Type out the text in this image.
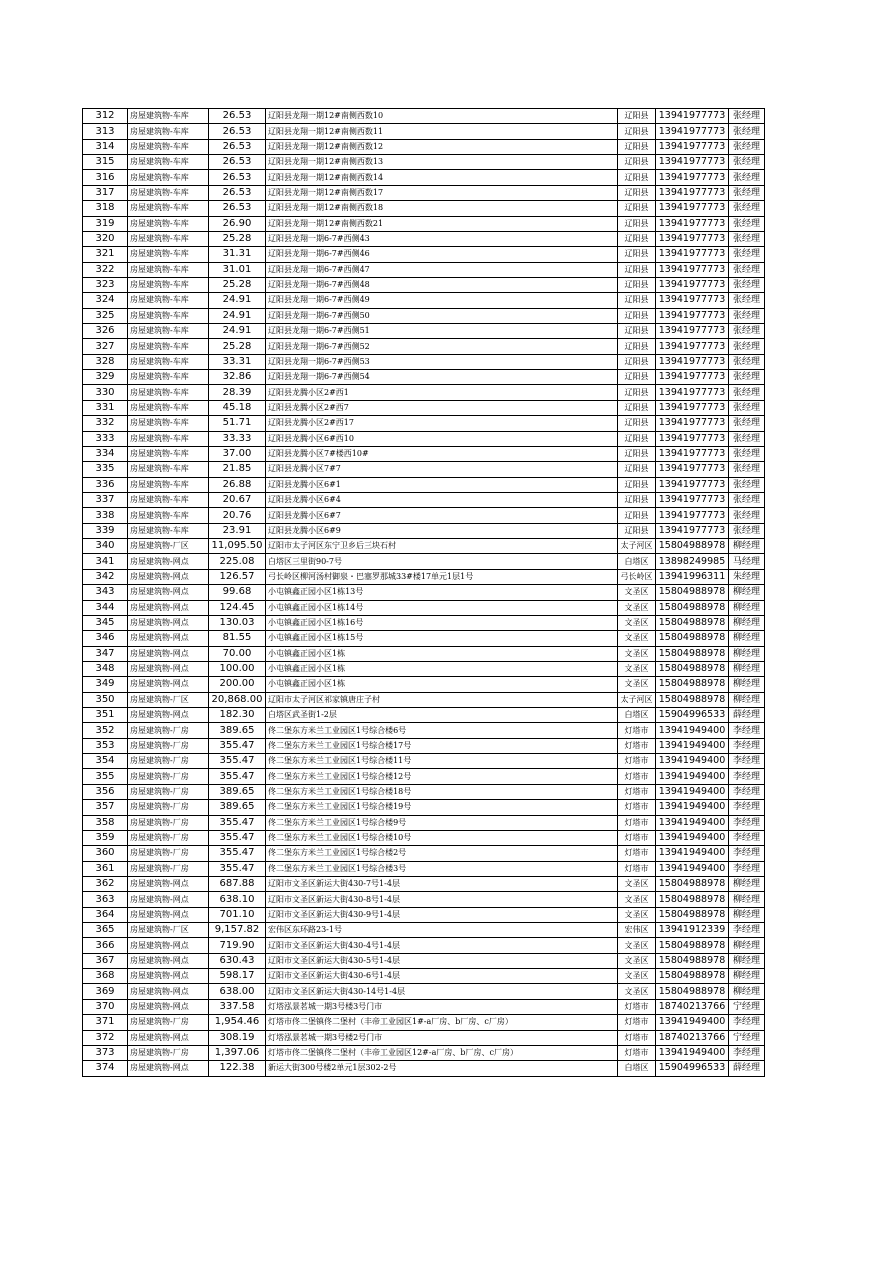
312	房屋建筑物-车库	26.53	辽阳县龙翔一期12#南侧西数10	辽阳县	13941977773	张经理
313	房屋建筑物-车库	26.53	辽阳县龙翔一期12#南侧西数11	辽阳县	13941977773	张经理
314	房屋建筑物-车库	26.53	辽阳县龙翔一期12#南侧西数12	辽阳县	13941977773	张经理
315	房屋建筑物-车库	26.53	辽阳县龙翔一期12#南侧西数13	辽阳县	13941977773	张经理
316	房屋建筑物-车库	26.53	辽阳县龙翔一期12#南侧西数14	辽阳县	13941977773	张经理
317	房屋建筑物-车库	26.53	辽阳县龙翔一期12#南侧西数17	辽阳县	13941977773	张经理
318	房屋建筑物-车库	26.53	辽阳县龙翔一期12#南侧西数18	辽阳县	13941977773	张经理
319	房屋建筑物-车库	26.90	辽阳县龙翔一期12#南侧西数21	辽阳县	13941977773	张经理
320	房屋建筑物-车库	25.28	辽阳县龙翔一期6-7#西侧43	辽阳县	13941977773	张经理
321	房屋建筑物-车库	31.31	辽阳县龙翔一期6-7#西侧46	辽阳县	13941977773	张经理
322	房屋建筑物-车库	31.01	辽阳县龙翔一期6-7#西侧47	辽阳县	13941977773	张经理
323	房屋建筑物-车库	25.28	辽阳县龙翔一期6-7#西侧48	辽阳县	13941977773	张经理
324	房屋建筑物-车库	24.91	辽阳县龙翔一期6-7#西侧49	辽阳县	13941977773	张经理
325	房屋建筑物-车库	24.91	辽阳县龙翔一期6-7#西侧50	辽阳县	13941977773	张经理
326	房屋建筑物-车库	24.91	辽阳县龙翔一期6-7#西侧51	辽阳县	13941977773	张经理
327	房屋建筑物-车库	25.28	辽阳县龙翔一期6-7#西侧52	辽阳县	13941977773	张经理
328	房屋建筑物-车库	33.31	辽阳县龙翔一期6-7#西侧53	辽阳县	13941977773	张经理
329	房屋建筑物-车库	32.86	辽阳县龙翔一期6-7#西侧54	辽阳县	13941977773	张经理
330	房屋建筑物-车库	28.39	辽阳县龙腾小区2#西1	辽阳县	13941977773	张经理
331	房屋建筑物-车库	45.18	辽阳县龙腾小区2#西7	辽阳县	13941977773	张经理
332	房屋建筑物-车库	51.71	辽阳县龙腾小区2#西17	辽阳县	13941977773	张经理
333	房屋建筑物-车库	33.33	辽阳县龙腾小区6#西10	辽阳县	13941977773	张经理
334	房屋建筑物-车库	37.00	辽阳县龙腾小区7#楼西10#	辽阳县	13941977773	张经理
335	房屋建筑物-车库	21.85	辽阳县龙腾小区7#7	辽阳县	13941977773	张经理
336	房屋建筑物-车库	26.88	辽阳县龙腾小区6#1	辽阳县	13941977773	张经理
337	房屋建筑物-车库	20.67	辽阳县龙腾小区6#4	辽阳县	13941977773	张经理
338	房屋建筑物-车库	20.76	辽阳县龙腾小区6#7	辽阳县	13941977773	张经理
339	房屋建筑物-车库	23.91	辽阳县龙腾小区6#9	辽阳县	13941977773	张经理
340	房屋建筑物-厂区	11,095.50	辽阳市太子河区东宁卫乡后三块石村	太子河区	15804988978	柳经理
341	房屋建筑物-网点	225.08	白塔区三里街90-7号	白塔区	13898249985	马经理
342	房屋建筑物-网点	126.57	弓长岭区柳河汤村御泉・巴塞罗那城33#楼17单元1层1号	弓长岭区	13941996311	朱经理
343	房屋建筑物-网点	99.68	小屯镇鑫正园小区1栋13号	文圣区	15804988978	柳经理
344	房屋建筑物-网点	124.45	小屯镇鑫正园小区1栋14号	文圣区	15804988978	柳经理
345	房屋建筑物-网点	130.03	小屯镇鑫正园小区1栋16号	文圣区	15804988978	柳经理
346	房屋建筑物-网点	81.55	小屯镇鑫正园小区1栋15号	文圣区	15804988978	柳经理
347	房屋建筑物-网点	70.00	小屯镇鑫正园小区1栋	文圣区	15804988978	柳经理
348	房屋建筑物-网点	100.00	小屯镇鑫正园小区1栋	文圣区	15804988978	柳经理
349	房屋建筑物-网点	200.00	小屯镇鑫正园小区1栋	文圣区	15804988978	柳经理
350	房屋建筑物-厂区	20,868.00	辽阳市太子河区祁家镇唐庄子村	太子河区	15804988978	柳经理
351	房屋建筑物-网点	182.30	白塔区武圣街1-2层	白塔区	15904996533	薛经理
352	房屋建筑物-厂房	389.65	佟二堡东方米兰工业园区1号综合楼6号	灯塔市	13941949400	李经理
353	房屋建筑物-厂房	355.47	佟二堡东方米兰工业园区1号综合楼17号	灯塔市	13941949400	李经理
354	房屋建筑物-厂房	355.47	佟二堡东方米兰工业园区1号综合楼11号	灯塔市	13941949400	李经理
355	房屋建筑物-厂房	355.47	佟二堡东方米兰工业园区1号综合楼12号	灯塔市	13941949400	李经理
356	房屋建筑物-厂房	389.65	佟二堡东方米兰工业园区1号综合楼18号	灯塔市	13941949400	李经理
357	房屋建筑物-厂房	389.65	佟二堡东方米兰工业园区1号综合楼19号	灯塔市	13941949400	李经理
358	房屋建筑物-厂房	355.47	佟二堡东方米兰工业园区1号综合楼9号	灯塔市	13941949400	李经理
359	房屋建筑物-厂房	355.47	佟二堡东方米兰工业园区1号综合楼10号	灯塔市	13941949400	李经理
360	房屋建筑物-厂房	355.47	佟二堡东方米兰工业园区1号综合楼2号	灯塔市	13941949400	李经理
361	房屋建筑物-厂房	355.47	佟二堡东方米兰工业园区1号综合楼3号	灯塔市	13941949400	李经理
362	房屋建筑物-网点	687.88	辽阳市文圣区新运大街430-7号1-4层	文圣区	15804988978	柳经理
363	房屋建筑物-网点	638.10	辽阳市文圣区新运大街430-8号1-4层	文圣区	15804988978	柳经理
364	房屋建筑物-网点	701.10	辽阳市文圣区新运大街430-9号1-4层	文圣区	15804988978	柳经理
365	房屋建筑物-厂区	9,157.82	宏伟区东环路23-1号	宏伟区	13941912339	李经理
366	房屋建筑物-网点	719.90	辽阳市文圣区新运大街430-4号1-4层	文圣区	15804988978	柳经理
367	房屋建筑物-网点	630.43	辽阳市文圣区新运大街430-5号1-4层	文圣区	15804988978	柳经理
368	房屋建筑物-网点	598.17	辽阳市文圣区新运大街430-6号1-4层	文圣区	15804988978	柳经理
369	房屋建筑物-网点	638.00	辽阳市文圣区新运大街430-14号1-4层	文圣区	15804988978	柳经理
370	房屋建筑物-网点	337.58	灯塔泓景茗城一期3号楼3号门市	灯塔市	18740213766	宁经理
371	房屋建筑物-厂房	1,954.46	灯塔市佟二堡镇佟二堡村（丰帝工业园区1#-a厂房、b厂房、c厂房）	灯塔市	13941949400	李经理
372	房屋建筑物-网点	308.19	灯塔泓景茗城一期3号楼2号门市	灯塔市	18740213766	宁经理
373	房屋建筑物-厂房	1,397.06	灯塔市佟二堡镇佟二堡村（丰帝工业园区12#-a厂房、b厂房、c厂房）	灯塔市	13941949400	李经理
374	房屋建筑物-网点	122.38	新运大街300号楼2单元1层302-2号	白塔区	15904996533	薛经理
